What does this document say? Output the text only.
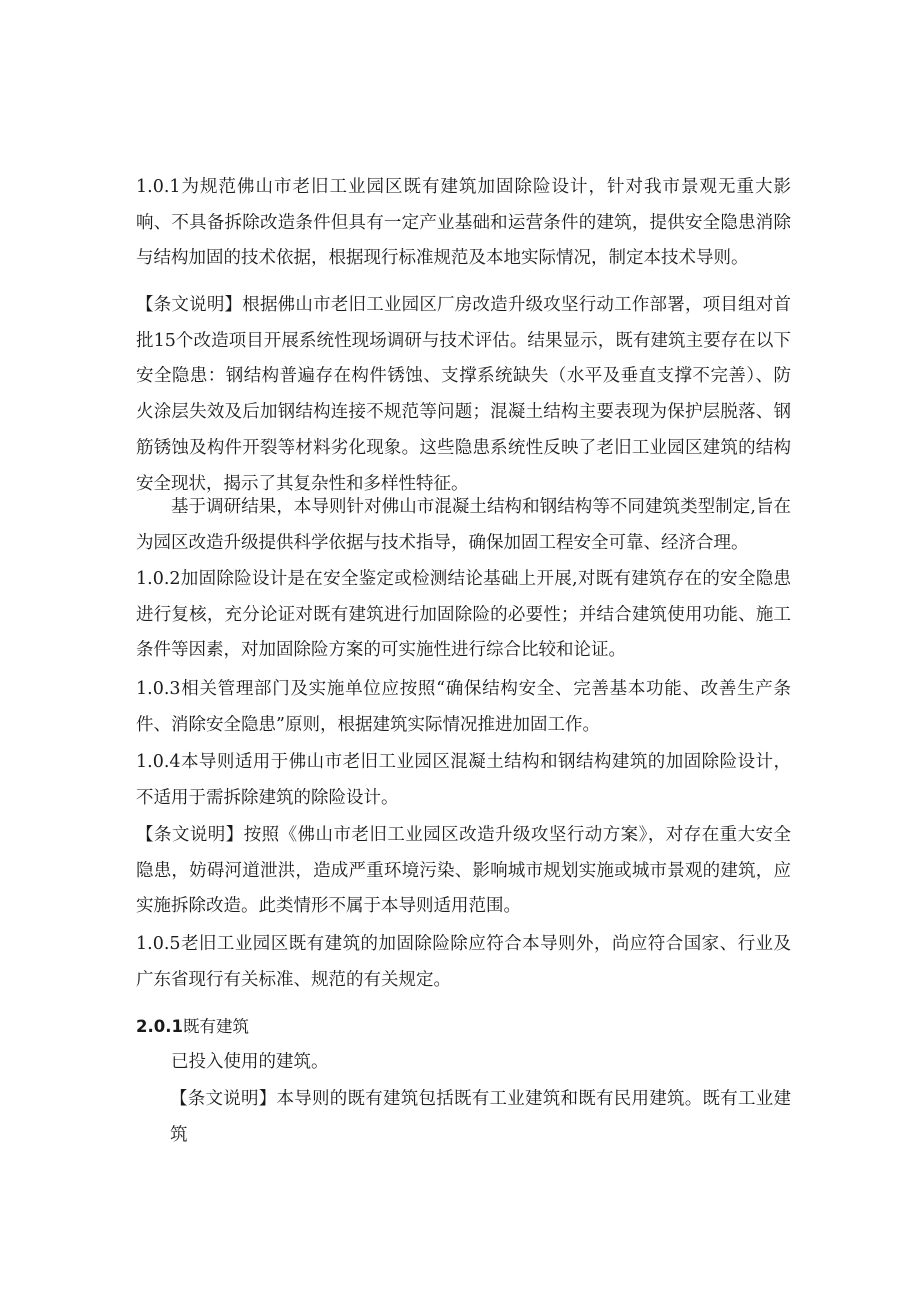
1.0.1为规范佛山市老旧工业园区既有建筑加固除险设计，针对我市景观无重大影响、不具备拆除改造条件但具有一定产业基础和运营条件的建筑，提供安全隐患消除与结构加固的技术依据，根据现行标准规范及本地实际情况，制定本技术导则。

【条文说明】根据佛山市老旧工业园区厂房改造升级攻坚行动工作部署，项目组对首批15个改造项目开展系统性现场调研与技术评估。结果显示，既有建筑主要存在以下安全隐患：钢结构普遍存在构件锈蚀、支撑系统缺失（水平及垂直支撑不完善）、防火涂层失效及后加钢结构连接不规范等问题；混凝土结构主要表现为保护层脱落、钢筋锈蚀及构件开裂等材料劣化现象。这些隐患系统性反映了老旧工业园区建筑的结构安全现状，揭示了其复杂性和多样性特征。

基于调研结果，本导则针对佛山市混凝土结构和钢结构等不同建筑类型制定,旨在为园区改造升级提供科学依据与技术指导，确保加固工程安全可靠、经济合理。

1.0.2加固除险设计是在安全鉴定或检测结论基础上开展,对既有建筑存在的安全隐患进行复核，充分论证对既有建筑进行加固除险的必要性；并结合建筑使用功能、施工条件等因素，对加固除险方案的可实施性进行综合比较和论证。

1.0.3相关管理部门及实施单位应按照“确保结构安全、完善基本功能、改善生产条件、消除安全隐患”原则，根据建筑实际情况推进加固工作。

1.0.4本导则适用于佛山市老旧工业园区混凝土结构和钢结构建筑的加固除险设计，不适用于需拆除建筑的除险设计。

【条文说明】按照《佛山市老旧工业园区改造升级攻坚行动方案》，对存在重大安全隐患，妨碍河道泄洪，造成严重环境污染、影响城市规划实施或城市景观的建筑，应实施拆除改造。此类情形不属于本导则适用范围。

1.0.5老旧工业园区既有建筑的加固除险除应符合本导则外，尚应符合国家、行业及广东省现行有关标准、规范的有关规定。

2.0.1既有建筑

已投入使用的建筑。

【条文说明】本导则的既有建筑包括既有工业建筑和既有民用建筑。既有工业建筑
